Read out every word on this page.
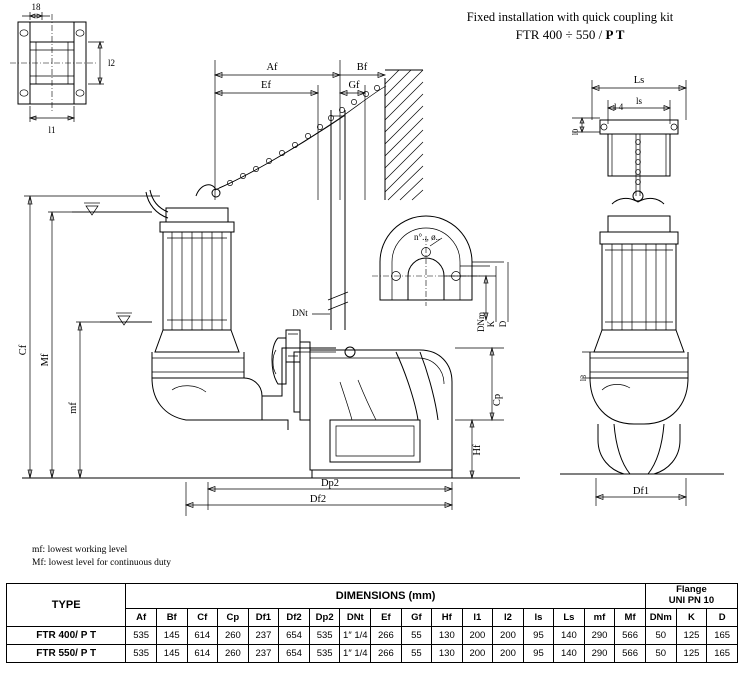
Fixed installation with quick coupling kit
FTR 400 ÷ 550 / P T
18
l2
l1
Af	Bf
Ef	Gf
n°.., ø..
DNm K D
DNt
Cf
Mf
mf
Cp
Hf
Dp2
Df2
Ls
ls
l0
l 4
l3
Df1
mf: lowest working level
Mf: lowest level for continuous duty
TYPE	DIMENSIONS (mm)																	Flange
UNI PN 10		
	Af	Bf	Cf	Cp	Df1	Df2	Dp2	DNt	Ef	Gf	Hf	l1	l2	ls	Ls	mf	Mf	DNm	K	D
FTR 400/ P T	535	145	614	260	237	654	535	1″ 1/4	266	55	130	200	200	95	140	290	566	50	125	165
FTR 550/ P T	535	145	614	260	237	654	535	1″ 1/4	266	55	130	200	200	95	140	290	566	50	125	165
